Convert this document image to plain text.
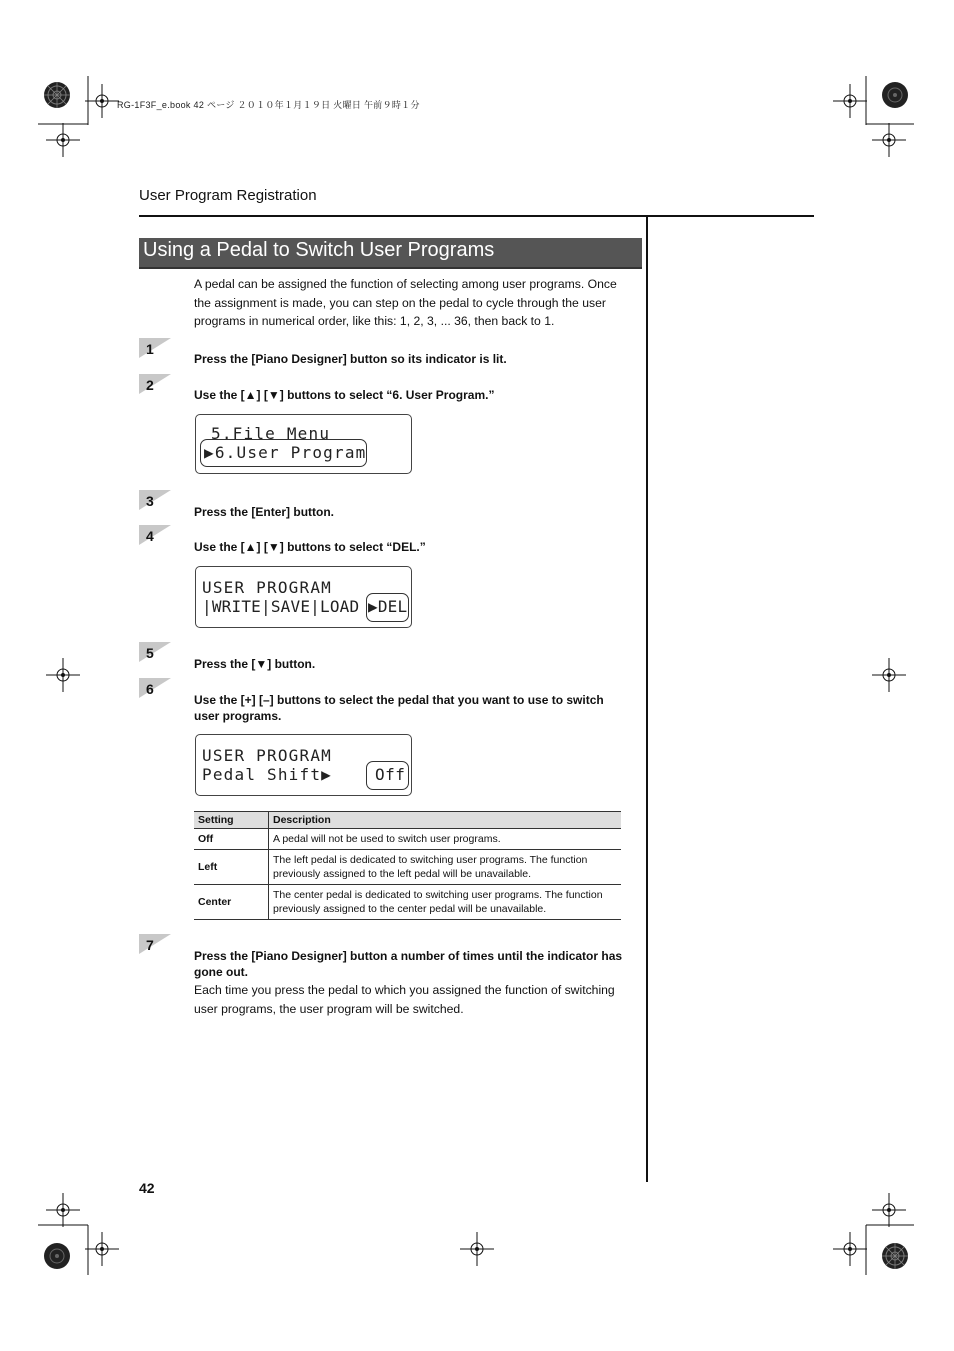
RG-1F3F_e.book 42 ページ ２０１０年１月１９日 火曜日 午前９時１分
User Program Registration
Using a Pedal to Switch User Programs
A pedal can be assigned the function of selecting among user programs. Once the assignment is made, you can step on the pedal to cycle through the user programs in numerical order, like this: 1, 2, 3, ... 36, then back to 1.
1
Press the [Piano Designer] button so its indicator is lit.
2
Use the [▲] [▼] buttons to select “6. User Program.”
5.File Menu
▶6.User Program
3
Press the [Enter] button.
4
Use the [▲] [▼] buttons to select “DEL.”
USER PROGRAM
|WRITE|SAVE|LOAD ▶DEL
5
Press the [▼] button.
6
Use the [+] [–] buttons to select the pedal that you want to use to switch user programs.
USER PROGRAM
Pedal Shift▶	Off
Setting	Description
Off	A pedal will not be used to switch user programs.
Left	The left pedal is dedicated to switching user programs. The function previously assigned to the left pedal will be unavailable.
Center	The center pedal is dedicated to switching user programs. The function previously assigned to the center pedal will be unavailable.
7
Press the [Piano Designer] button a number of times until the indicator has gone out.
Each time you press the pedal to which you assigned the function of switching user programs, the user program will be switched.
42
